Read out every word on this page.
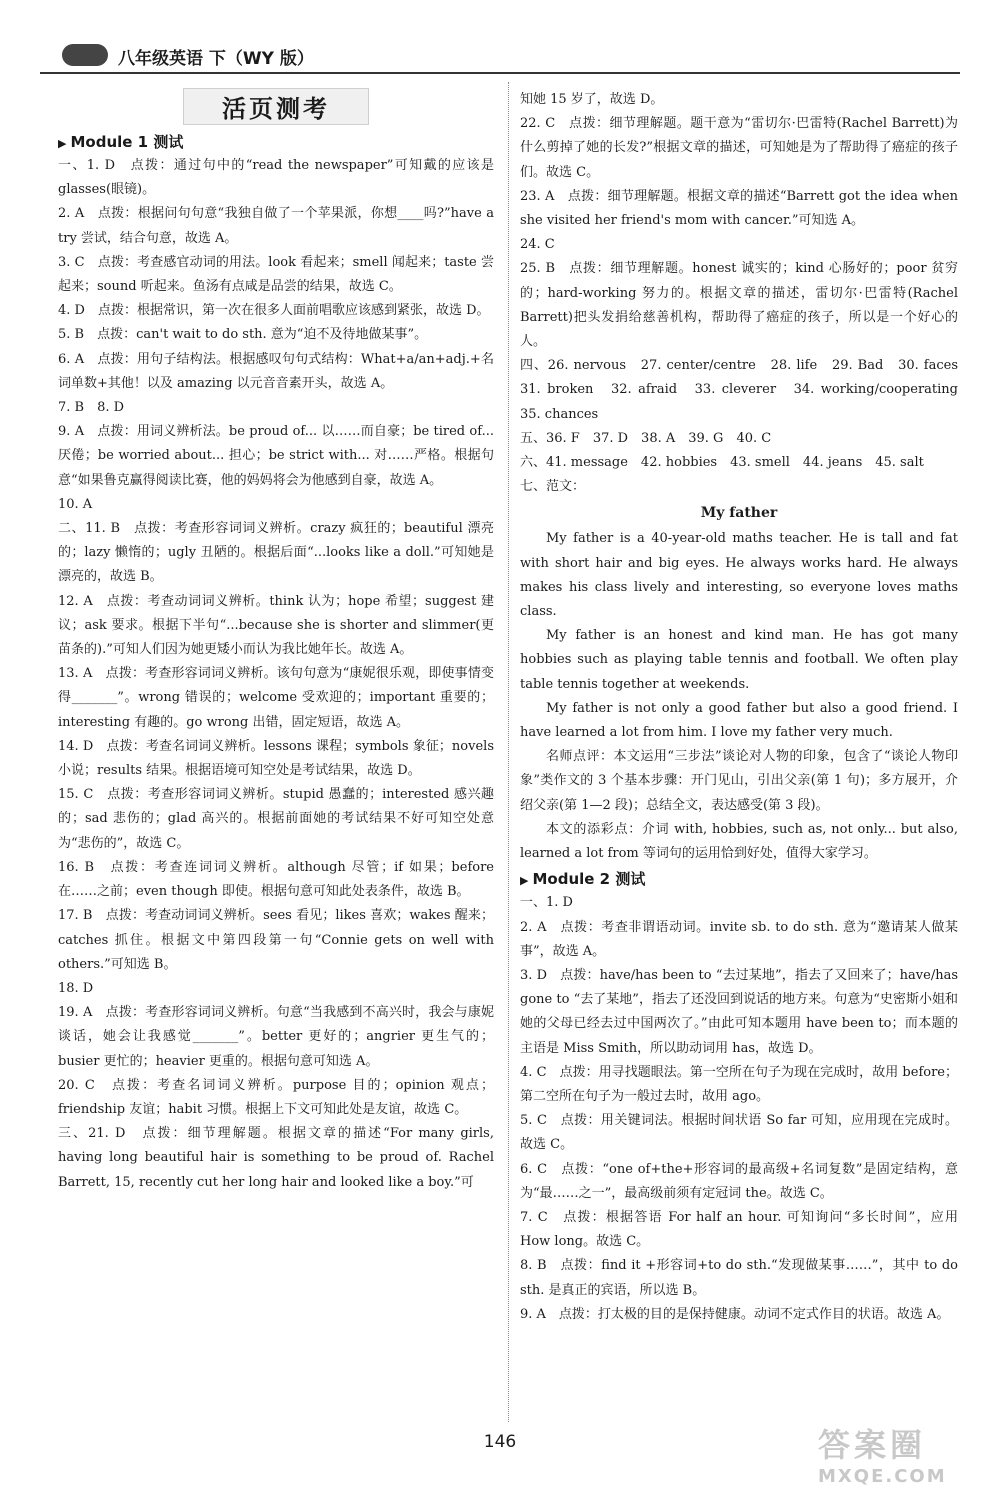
八年级英语 下（WY 版）
活页测考
▶ Module 1 测试

一、1. D　点拨：通过句中的“read the newspaper”可知戴的应该是 glasses(眼镜)。

2. A　点拨：根据问句句意“我独自做了一个苹果派，你想____吗?”have a try 尝试，结合句意，故选 A。

3. C　点拨：考查感官动词的用法。look 看起来；smell 闻起来；taste 尝起来；sound 听起来。鱼汤有点咸是品尝的结果，故选 C。

4. D　点拨：根据常识，第一次在很多人面前唱歌应该感到紧张，故选 D。

5. B　点拨：can't wait to do sth. 意为“迫不及待地做某事”。

6. A　点拨：用句子结构法。根据感叹句句式结构：What+a/an+adj.+名词单数+其他！以及 amazing 以元音音素开头，故选 A。

7. B　8. D

9. A　点拨：用词义辨析法。be proud of... 以……而自豪；be tired of... 厌倦；be worried about... 担心；be strict with... 对……严格。根据句意“如果鲁克赢得阅读比赛，他的妈妈将会为他感到自豪，故选 A。

10. A

二、11. B　点拨：考查形容词词义辨析。crazy 疯狂的；beautiful 漂亮的；lazy 懒惰的；ugly 丑陋的。根据后面“...looks like a doll.”可知她是漂亮的，故选 B。

12. A　点拨：考查动词词义辨析。think 认为；hope 希望；suggest 建议；ask 要求。根据下半句“...because she is shorter and slimmer(更苗条的).”可知人们因为她更矮小而认为我比她年长。故选 A。

13. A　点拨：考查形容词词义辨析。该句句意为“康妮很乐观，即使事情变得_______”。wrong 错误的；welcome 受欢迎的；important 重要的；interesting 有趣的。go wrong 出错，固定短语，故选 A。

14. D　点拨：考查名词词义辨析。lessons 课程；symbols 象征；novels 小说；results 结果。根据语境可知空处是考试结果，故选 D。

15. C　点拨：考查形容词词义辨析。stupid 愚蠢的；interested 感兴趣的；sad 悲伤的；glad 高兴的。根据前面她的考试结果不好可知空处意为“悲伤的”，故选 C。

16. B　点拨：考查连词词义辨析。although 尽管；if 如果；before 在……之前；even though 即使。根据句意可知此处表条件，故选 B。

17. B　点拨：考查动词词义辨析。sees 看见；likes 喜欢；wakes 醒来；catches 抓住。根据文中第四段第一句“Connie gets on well with others.”可知选 B。

18. D

19. A　点拨：考查形容词词义辨析。句意“当我感到不高兴时，我会与康妮谈话，她会让我感觉_______”。better 更好的；angrier 更生气的；busier 更忙的；heavier 更重的。根据句意可知选 A。

20. C　点拨：考查名词词义辨析。purpose 目的；opinion 观点；friendship 友谊；habit 习惯。根据上下文可知此处是友谊，故选 C。

三、21. D　点拨：细节理解题。根据文章的描述“For many girls, having long beautiful hair is something to be proud of. Rachel Barrett, 15, recently cut her long hair and looked like a boy.”可

知她 15 岁了，故选 D。

22. C　点拨：细节理解题。题干意为“雷切尔·巴雷特(Rachel Barrett)为什么剪掉了她的长发?”根据文章的描述，可知她是为了帮助得了癌症的孩子们。故选 C。

23. A　点拨：细节理解题。根据文章的描述“Barrett got the idea when she visited her friend's mom with cancer.”可知选 A。

24. C

25. B　点拨：细节理解题。honest 诚实的；kind 心肠好的；poor 贫穷的；hard-working 努力的。根据文章的描述，雷切尔·巴雷特(Rachel Barrett)把头发捐给慈善机构，帮助得了癌症的孩子，所以是一个好心的人。

四、26. nervous　27. center/centre　28. life　29. Bad　30. faces　31. broken　32. afraid　33. cleverer　34. working/cooperating　35. chances

五、36. F　37. D　38. A　39. G　40. C

六、41. message　42. hobbies　43. smell　44. jeans　45. salt

七、范文：

My father

My father is a 40-year-old maths teacher. He is tall and fat with short hair and big eyes. He always works hard. He always makes his class lively and interesting, so everyone loves maths class.

My father is an honest and kind man. He has got many hobbies such as playing table tennis and football. We often play table tennis together at weekends.

My father is not only a good father but also a good friend. I have learned a lot from him. I love my father very much.

名师点评：本文运用“三步法”谈论对人物的印象，包含了“谈论人物印象”类作文的 3 个基本步骤：开门见山，引出父亲(第 1 句)；多方展开，介绍父亲(第 1—2 段)；总结全文，表达感受(第 3 段)。

本文的添彩点：介词 with, hobbies, such as, not only... but also, learned a lot from 等词句的运用恰到好处，值得大家学习。

▶ Module 2 测试

一、1. D

2. A　点拨：考查非谓语动词。invite sb. to do sth. 意为“邀请某人做某事”，故选 A。

3. D　点拨：have/has been to “去过某地”，指去了又回来了；have/has gone to “去了某地”，指去了还没回到说话的地方来。句意为“史密斯小姐和她的父母已经去过中国两次了。”由此可知本题用 have been to；而本题的主语是 Miss Smith，所以助动词用 has，故选 D。

4. C　点拨：用寻找题眼法。第一空所在句子为现在完成时，故用 before；第二空所在句子为一般过去时，故用 ago。

5. C　点拨：用关键词法。根据时间状语 So far 可知，应用现在完成时。故选 C。

6. C　点拨：“one of+the+形容词的最高级+名词复数”是固定结构，意为“最……之一”，最高级前须有定冠词 the。故选 C。

7. C　点拨：根据答语 For half an hour. 可知询问“多长时间”，应用 How long。故选 C。

8. B　点拨：find it +形容词+to do sth.“发现做某事……”，其中 to do sth. 是真正的宾语，所以选 B。

9. A　点拨：打太极的目的是保持健康。动词不定式作目的状语。故选 A。

146	答案圈
MXQE.COM
